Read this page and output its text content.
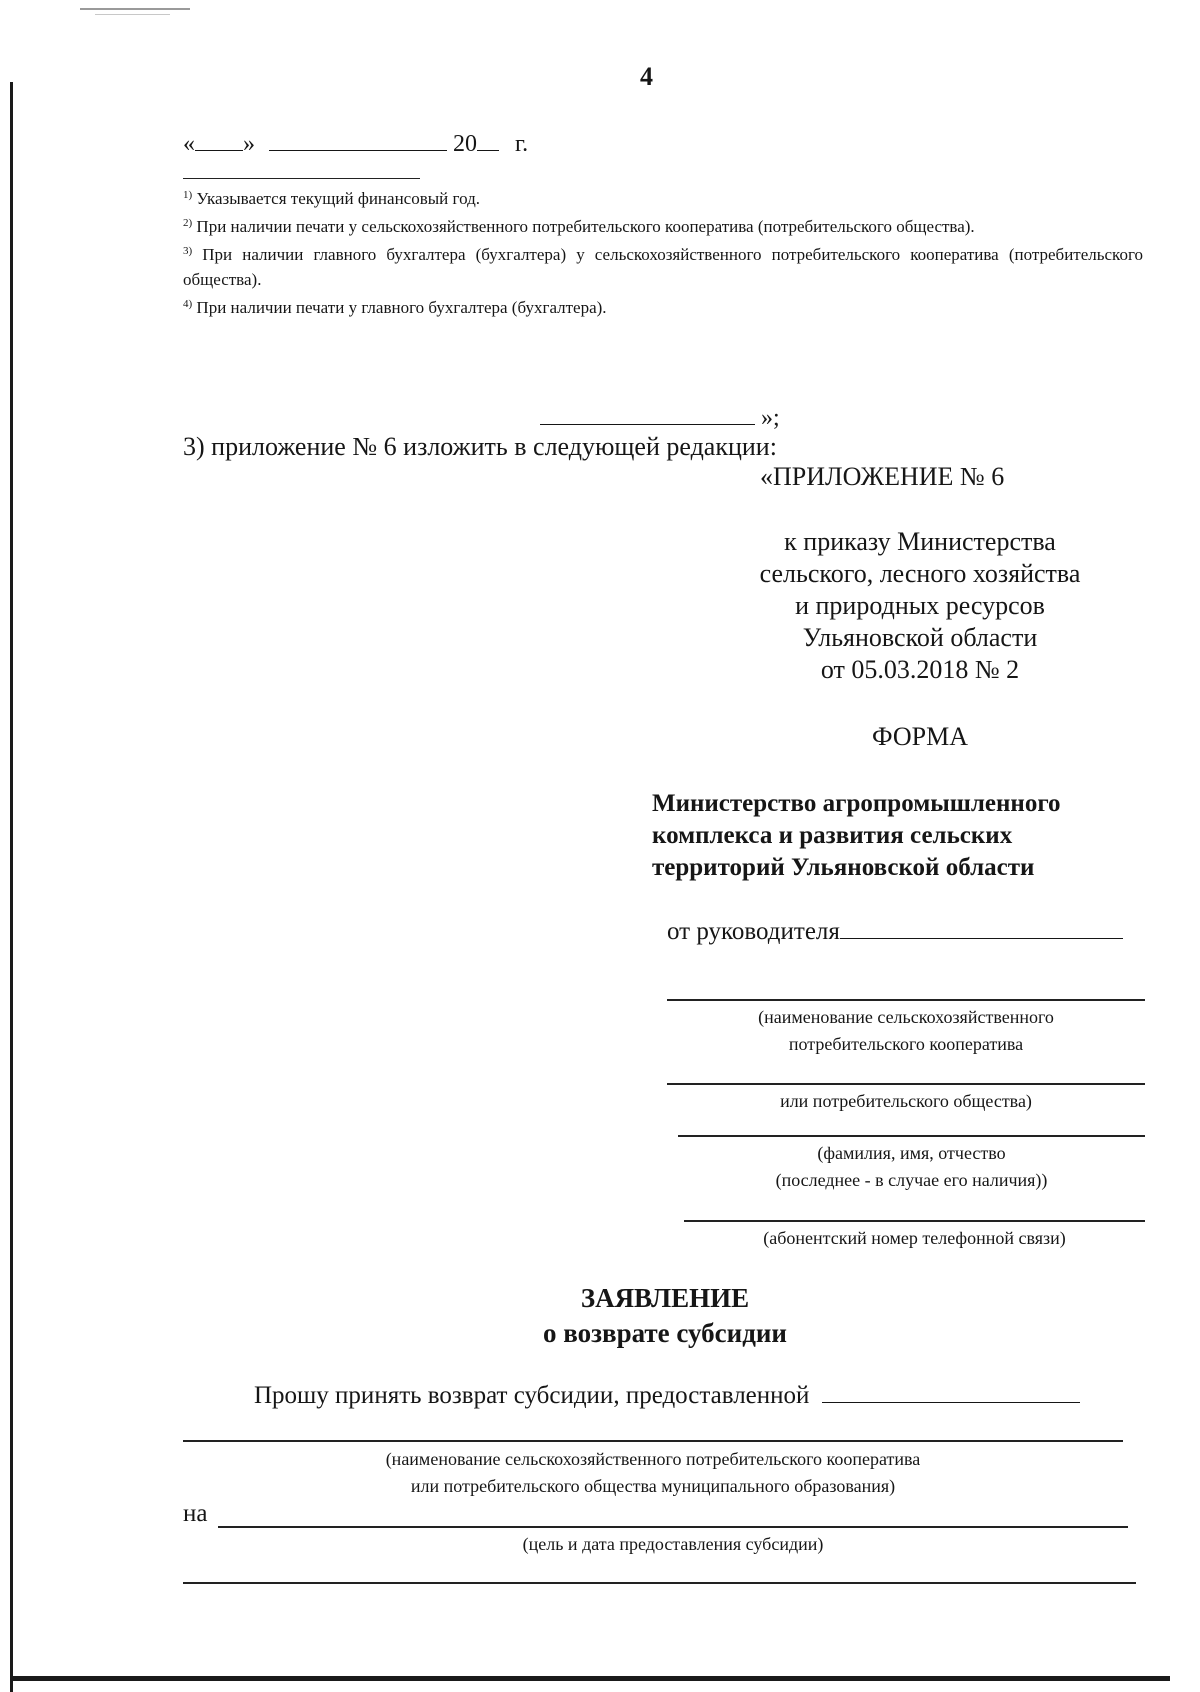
4
« »	20 г.

$^{1)}$ Указывается текущий финансовый год.

$^{2)}$ При наличии печати у сельскохозяйственного потребительского кооператива (потребительского общества).

$^{3)}$ При наличии главного бухгалтера (бухгалтера) у сельскохозяйственного потребительского кооператива (потребительского общества).

$^{4)}$ При наличии печати у главного бухгалтера (бухгалтера).

»;
3) приложение № 6 изложить в следующей редакции:
«ПРИЛОЖЕНИЕ № 6
к приказу Министерства
сельского, лесного хозяйства
и природных ресурсов
Ульяновской области
от 05.03.2018 № 2
ФОРМА
Министерство агропромышленного
комплекса и развития сельских
территорий Ульяновской области
от руководителя
(наименование сельскохозяйственного
потребительского кооператива
или потребительского общества)
(фамилия, имя, отчество
(последнее - в случае его наличия))
(абонентский номер телефонной связи)
ЗАЯВЛЕНИЕ
о возврате субсидии
Прошу принять возврат субсидии, предоставленной
(наименование сельскохозяйственного потребительского кооператива
или потребительского общества муниципального образования)
на
(цель и дата предоставления субсидии)
